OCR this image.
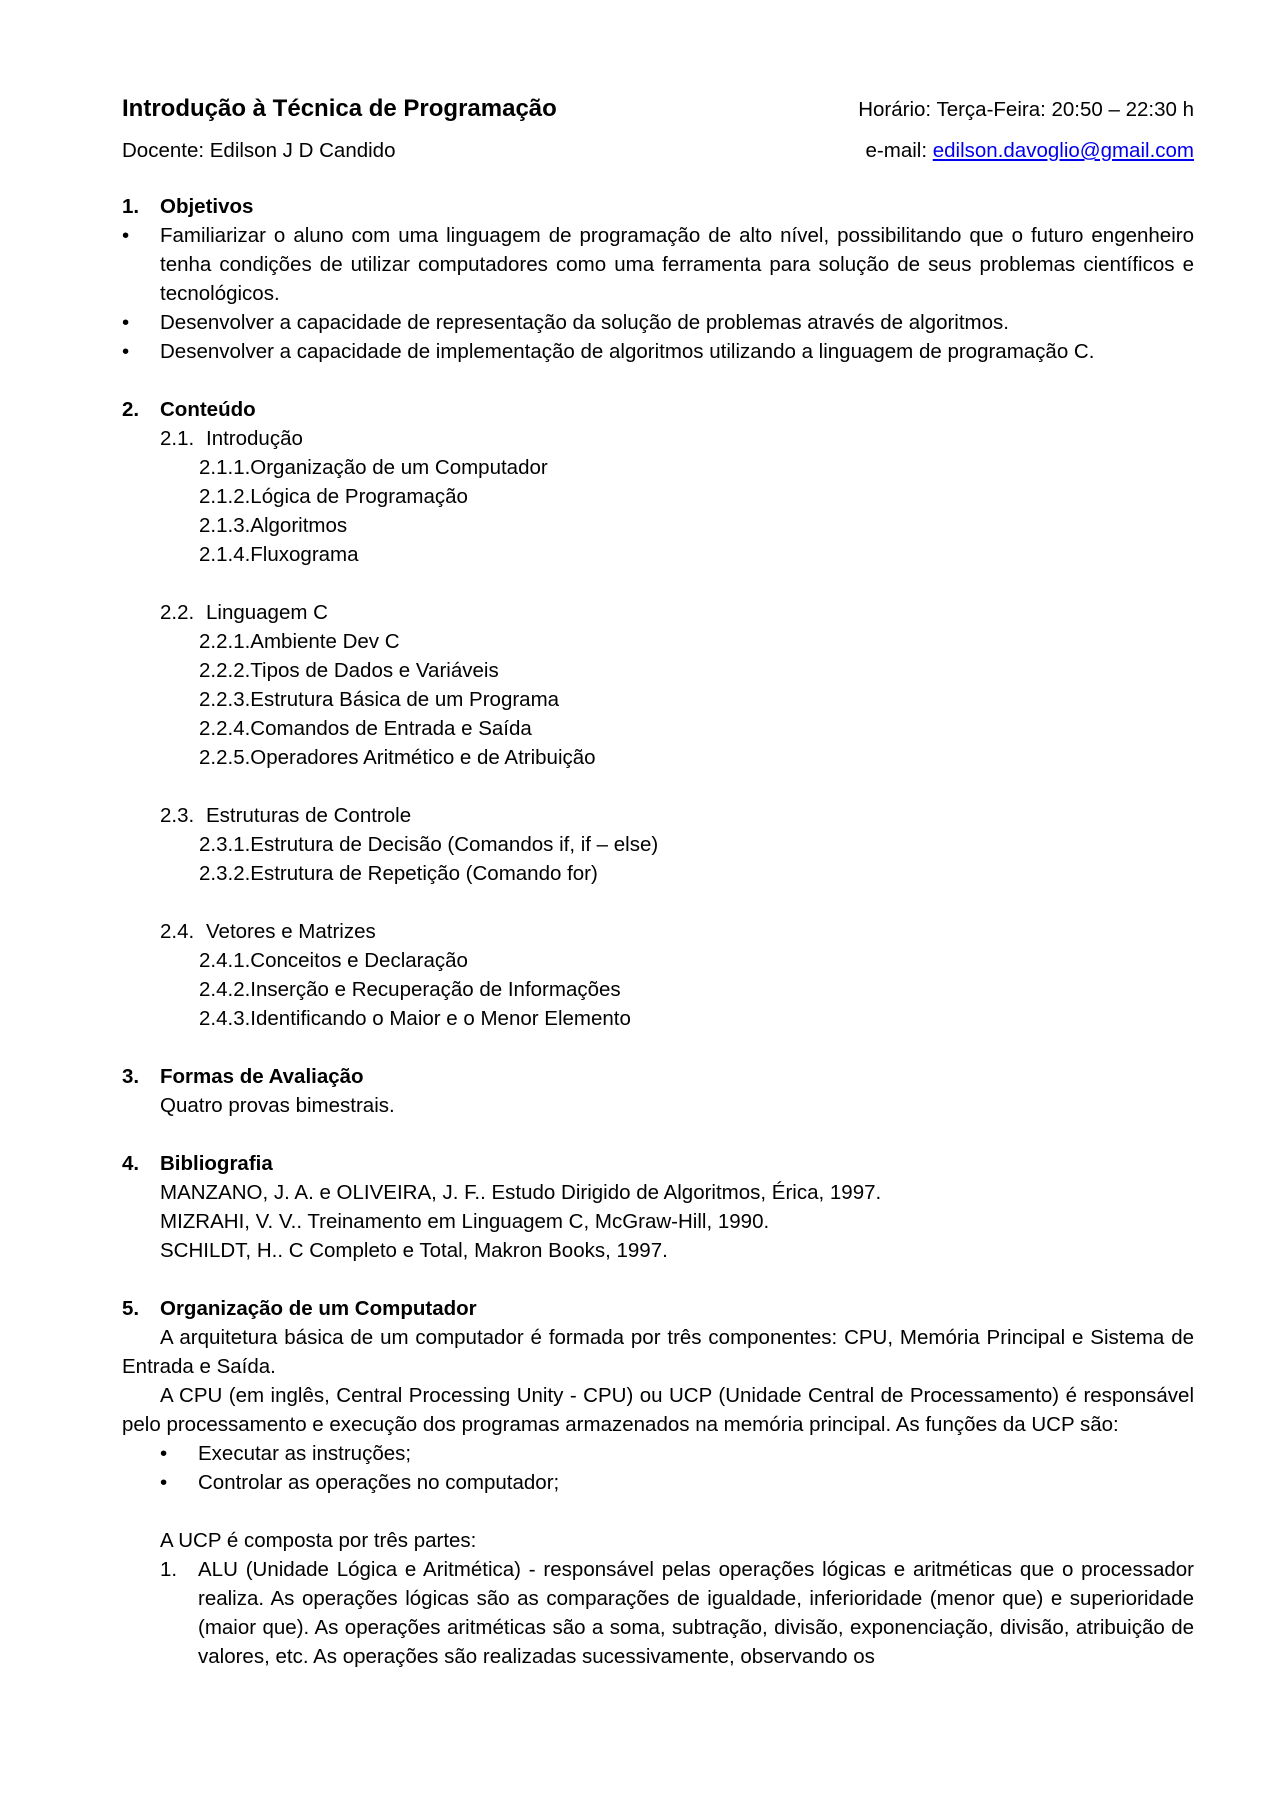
Introdução à Técnica de Programação	Horário: Terça-Feira: 20:50 – 22:30 h
Docente: Edilson J D Candido	e-mail: edilson.davoglio@gmail.com
1. Objetivos
• Familiarizar o aluno com uma linguagem de programação de alto nível, possibilitando que o futuro engenheiro tenha condições de utilizar computadores como uma ferramenta para solução de seus problemas científicos e tecnológicos.
• Desenvolver a capacidade de representação da solução de problemas através de algoritmos.
• Desenvolver a capacidade de implementação de algoritmos utilizando a linguagem de programação C.
2. Conteúdo
2.1. Introdução
2.1.1.Organização de um Computador
2.1.2.Lógica de Programação
2.1.3.Algoritmos
2.1.4.Fluxograma
2.2. Linguagem C
2.2.1.Ambiente Dev C
2.2.2.Tipos de Dados e Variáveis
2.2.3.Estrutura Básica de um Programa
2.2.4.Comandos de Entrada e Saída
2.2.5.Operadores Aritmético e de Atribuição
2.3. Estruturas de Controle
2.3.1.Estrutura de Decisão (Comandos if, if – else)
2.3.2.Estrutura de Repetição (Comando for)
2.4. Vetores e Matrizes
2.4.1.Conceitos e Declaração
2.4.2.Inserção e Recuperação de Informações
2.4.3.Identificando o Maior e o Menor Elemento
3. Formas de Avaliação
Quatro provas bimestrais.
4. Bibliografia
MANZANO, J. A. e OLIVEIRA, J. F.. Estudo Dirigido de Algoritmos, Érica, 1997.
MIZRAHI, V. V.. Treinamento em Linguagem C, McGraw-Hill, 1990.
SCHILDT, H.. C Completo e Total, Makron Books, 1997.
5. Organização de um Computador
A arquitetura básica de um computador é formada por três componentes: CPU, Memória Principal e Sistema de Entrada e Saída.
A CPU (em inglês, Central Processing Unity - CPU) ou UCP (Unidade Central de Processamento) é responsável pelo processamento e execução dos programas armazenados na memória principal. As funções da UCP são:
• Executar as instruções;
• Controlar as operações no computador;
A UCP é composta por três partes:
1. ALU (Unidade Lógica e Aritmética) - responsável pelas operações lógicas e aritméticas que o processador realiza. As operações lógicas são as comparações de igualdade, inferioridade (menor que) e superioridade (maior que). As operações aritméticas são a soma, subtração, divisão, exponenciação, divisão, atribuição de valores, etc. As operações são realizadas sucessivamente, observando os
